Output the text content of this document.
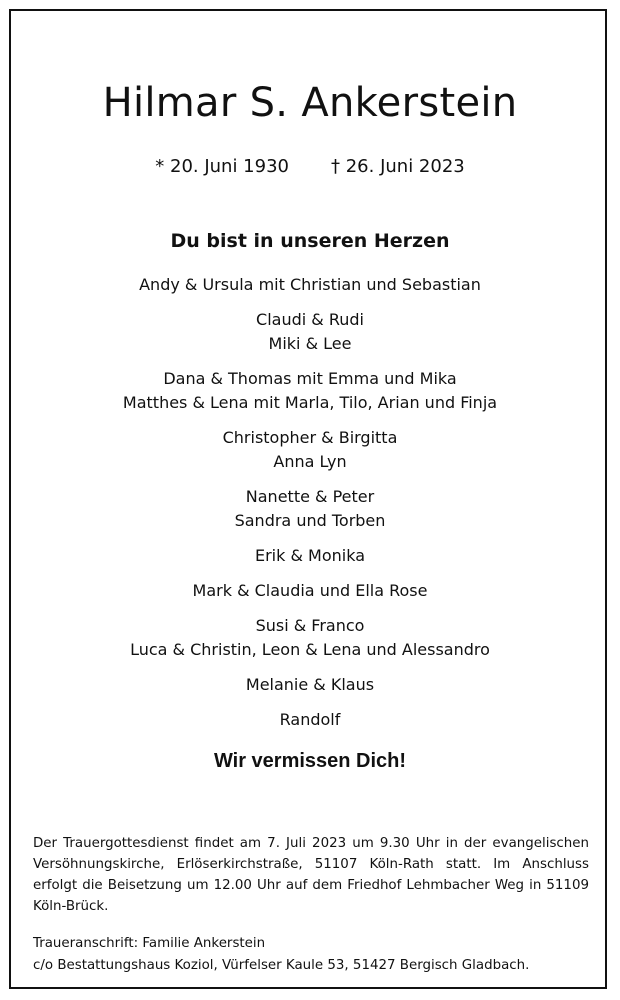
Hilmar S. Ankerstein
* 20. Juni 1930 † 26. Juni 2023
Du bist in unseren Herzen
Andy & Ursula mit Christian und Sebastian
Claudi & Rudi
Miki & Lee
Dana & Thomas mit Emma und Mika
Matthes & Lena mit Marla, Tilo, Arian und Finja
Christopher & Birgitta
Anna Lyn
Nanette & Peter
Sandra und Torben
Erik & Monika
Mark & Claudia und Ella Rose
Susi & Franco
Luca & Christin, Leon & Lena und Alessandro
Melanie & Klaus
Randolf
Wir vermissen Dich!
Der Trauergottesdienst findet am 7. Juli 2023 um 9.30 Uhr in der evangelischen Versöhnungskirche, Erlöserkirchstraße, 51107 Köln-Rath statt. Im Anschluss erfolgt die Beisetzung um 12.00 Uhr auf dem Friedhof Lehmbacher Weg in 51109 Köln-Brück.
Traueranschrift: Familie Ankerstein
c/o Bestattungshaus Koziol, Vürfelser Kaule 53, 51427 Bergisch Gladbach.
